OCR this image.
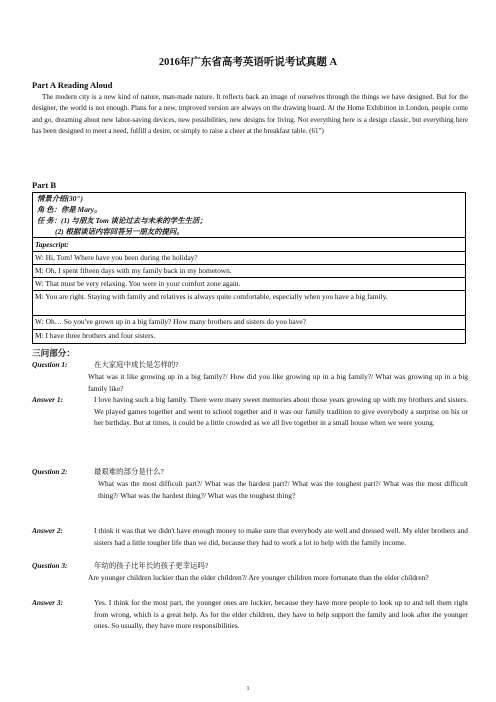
2016年广东省高考英语听说考试真题 A
Part A Reading Aloud

The modern city is a new kind of nature, man-made nature. It reflects back an image of ourselves through the things we have designed. But for the designer, the world is not enough. Plans for a new, improved version are always on the drawing board. At the Home Exhibition in London, people come and go, dreaming about new labor-saving devices, new possibilities, new designs for living. Not everything here is a design classic, but everything here has been designed to meet a need, fulfill a desire, or simply to raise a cheer at the breakfast table. (61")

Part B
情景介绍(30")
角 色：你是 Mary。
任 务：(1) 与朋友 Tom 谈论过去与未来的学生生活；
(2) 根据谈话内容回答另一朋友的提问。
Tapescript:
W: Hi, Tom! Where have you been during the holiday?
M: Oh, I spent fifteen days with my family back in my hometown.
W: That must be very relaxing. You were in your comfort zone again.
M: You are right. Staying with family and relatives is always quite comfortable, especially when you have a big family.
W: Oh… So you've grown up in a big family? How many brothers and sisters do you have?
M: I have three brothers and four sisters.
三问部分：
Question 1:	在大家庭中成长是怎样的?
What was it like growing up in a big family?/ How did you like growing up in a big family?/ What was growing up in a big family like?
Answer 1:	I love having such a big family. There were many sweet memories about those years growing up with my brothers and sisters. We played games together and went to school together and it was our family tradition to give everybody a surprise on his or her birthday. But at times, it could be a little crowded as we all live together in a small house when we were young.
Question 2:	最艰难的部分是什么?
What was the most difficult part?/ What was the hardest part?/ What was the toughest part?/ What was the most difficult thing?/ What was the hardest thing?/ What was the toughest thing?
Answer 2:	I think it was that we didn't have enough money to make sure that everybody ate well and dressed well. My elder brothers and sisters had a little tougher life than we did, because they had to work a lot to help with the family income.
Question 3:	年幼的孩子比年长的孩子更幸运吗?
Are younger children luckier than the elder children?/ Are younger children more fortunate than the elder children?
Answer 3:	Yes. I think for the most part, the younger ones are luckier, because they have more people to look up to and tell them right from wrong, which is a great help. As for the elder children, they have to help support the family and look after the younger ones. So usually, they have more responsibilities.
1
